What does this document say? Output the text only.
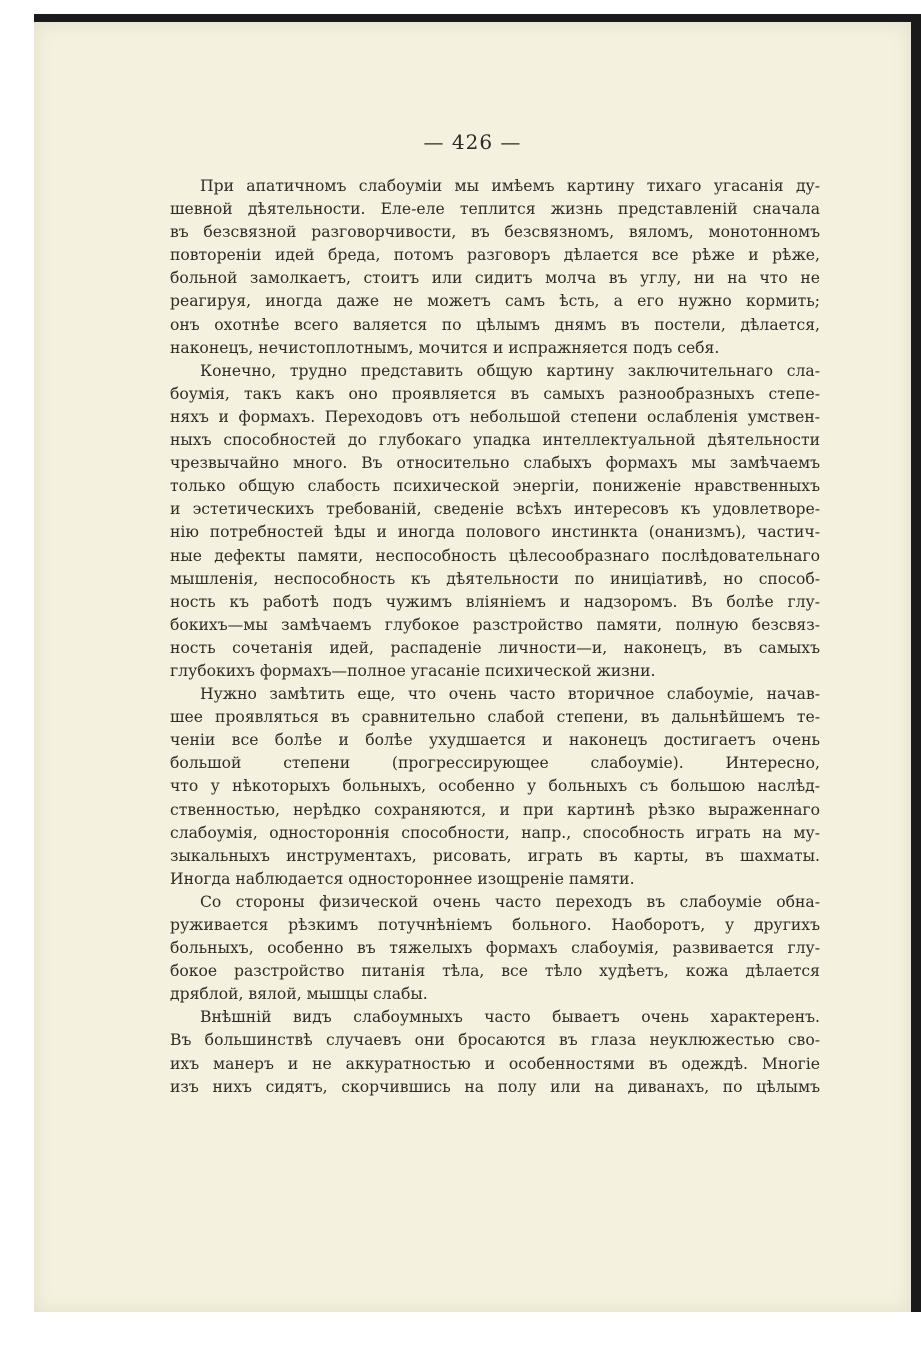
— 426 —
При апатичномъ слабоуміи мы имѣемъ картину тихаго угасанія ду-
шевной дѣятельности. Еле-еле теплится жизнь представленій сначала
въ безсвязной разговорчивости, въ безсвязномъ, вяломъ, монотонномъ
повтореніи идей бреда, потомъ разговоръ дѣлается все рѣже и рѣже,
больной замолкаетъ, стоитъ или сидитъ молча въ углу, ни на что не
реагируя, иногда даже не можетъ самъ ѣсть, а его нужно кормить;
онъ охотнѣе всего валяется по цѣлымъ днямъ въ постели, дѣлается,
наконецъ, нечистоплотнымъ, мочится и испражняется подъ себя.
Конечно, трудно представить общую картину заключительнаго сла-
боумія, такъ какъ оно проявляется въ самыхъ разнообразныхъ степе-
няхъ и формахъ. Переходовъ отъ небольшой степени ослабленія умствен-
ныхъ способностей до глубокаго упадка интеллектуальной дѣятельности
чрезвычайно много. Въ относительно слабыхъ формахъ мы замѣчаемъ
только общую слабость психической энергіи, пониженіе нравственныхъ
и эстетическихъ требованій, сведеніе всѣхъ интересовъ къ удовлетворе-
нію потребностей ѣды и иногда полового инстинкта (онанизмъ), частич-
ные дефекты памяти, неспособность цѣлесообразнаго послѣдовательнаго
мышленія, неспособность къ дѣятельности по иниціативѣ, но способ-
ность къ работѣ подъ чужимъ вліяніемъ и надзоромъ. Въ болѣе глу-
бокихъ—мы замѣчаемъ глубокое разстройство памяти, полную безсвяз-
ность сочетанія идей, распаденіе личности—и, наконецъ, въ самыхъ
глубокихъ формахъ—полное угасаніе психической жизни.
Нужно замѣтить еще, что очень часто вторичное слабоуміе, начав-
шее проявляться въ сравнительно слабой степени, въ дальнѣйшемъ те-
ченіи все болѣе и болѣе ухудшается и наконецъ достигаетъ очень
большой степени (прогрессирующее слабоуміе). Интересно,
что у нѣкоторыхъ больныхъ, особенно у больныхъ съ большою наслѣд-
ственностью, нерѣдко сохраняются, и при картинѣ рѣзко выраженнаго
слабоумія, одностороннія способности, напр., способность играть на му-
зыкальныхъ инструментахъ, рисовать, играть въ карты, въ шахматы.
Иногда наблюдается одностороннее изощреніе памяти.
Со стороны физической очень часто переходъ въ слабоуміе обна-
руживается рѣзкимъ потучнѣніемъ больного. Наоборотъ, у другихъ
больныхъ, особенно въ тяжелыхъ формахъ слабоумія, развивается глу-
бокое разстройство питанія тѣла, все тѣло худѣетъ, кожа дѣлается
дряблой, вялой, мышцы слабы.
Внѣшній видъ слабоумныхъ часто бываетъ очень характеренъ.
Въ большинствѣ случаевъ они бросаются въ глаза неуклюжестью сво-
ихъ манеръ и не аккуратностью и особенностями въ одеждѣ. Многіе
изъ нихъ сидятъ, скорчившись на полу или на диванахъ, по цѣлымъ
